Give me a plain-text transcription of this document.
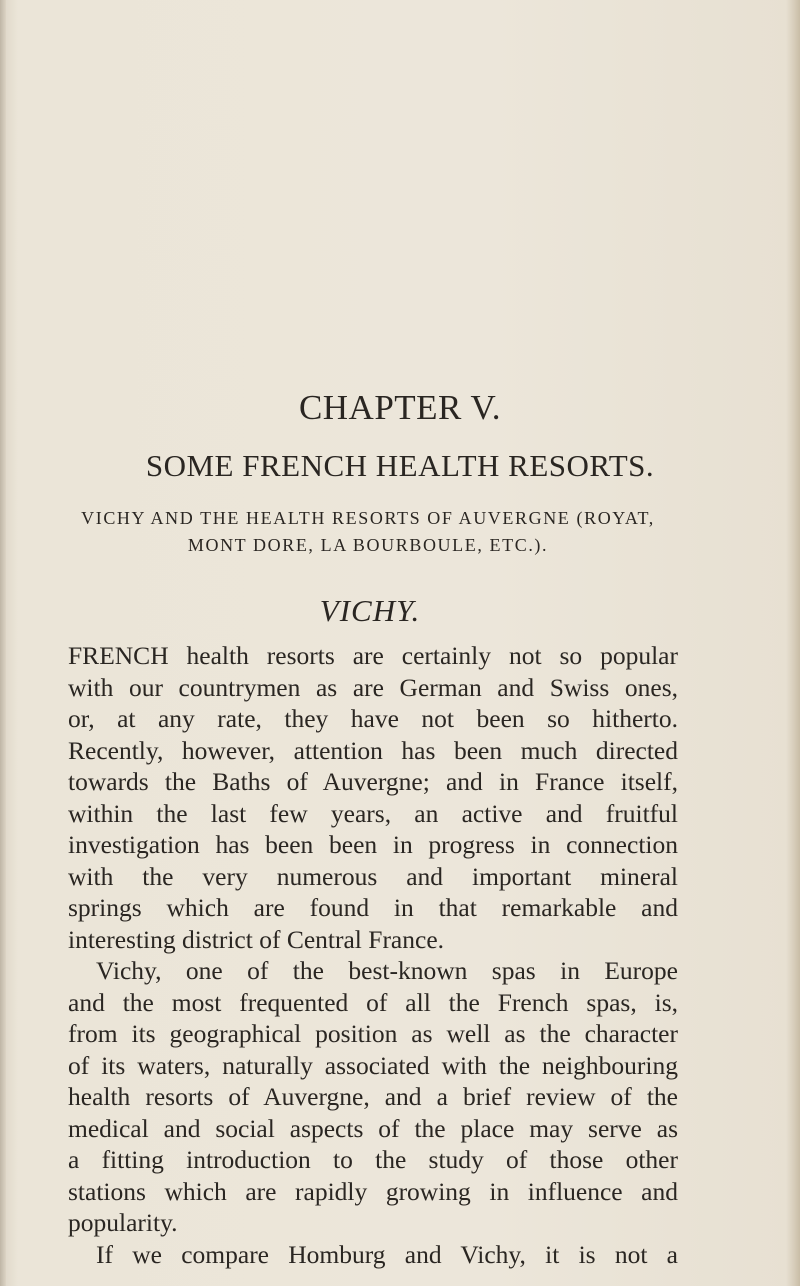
CHAPTER V.
SOME FRENCH HEALTH RESORTS.
VICHY AND THE HEALTH RESORTS OF AUVERGNE (ROYAT,
MONT DORE, LA BOURBOULE, ETC.).
VICHY.
FRENCH health resorts are certainly not so popular
with our countrymen as are German and Swiss ones,
or, at any rate, they have not been so hitherto.
Recently, however, attention has been much directed
towards the Baths of Auvergne; and in France itself,
within the last few years, an active and fruitful
investigation has been been in progress in connection
with the very numerous and important mineral
springs which are found in that remarkable and
interesting district of Central France.
Vichy, one of the best-known spas in Europe
and the most frequented of all the French spas, is,
from its geographical position as well as the character
of its waters, naturally associated with the neighbouring
health resorts of Auvergne, and a brief review of the
medical and social aspects of the place may serve as
a fitting introduction to the study of those other
stations which are rapidly growing in influence and
popularity.
If we compare Homburg and Vichy, it is not a
